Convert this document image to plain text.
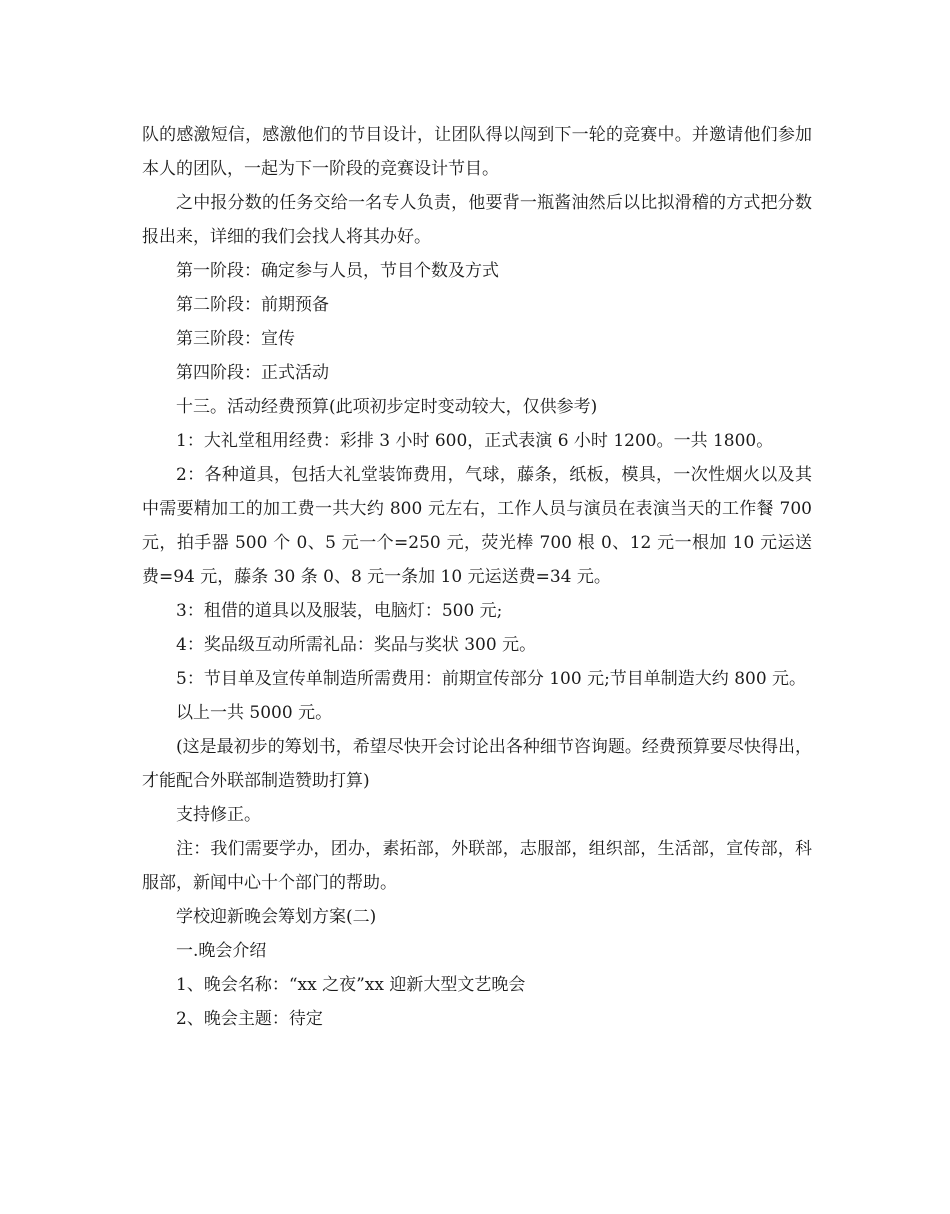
队的感激短信，感激他们的节目设计，让团队得以闯到下一轮的竞赛中。并邀请他们参加本人的团队，一起为下一阶段的竞赛设计节目。

之中报分数的任务交给一名专人负责，他要背一瓶酱油然后以比拟滑稽的方式把分数报出来，详细的我们会找人将其办好。

第一阶段：确定参与人员，节目个数及方式

第二阶段：前期预备

第三阶段：宣传

第四阶段：正式活动

十三。活动经费预算(此项初步定时变动较大，仅供参考)

1：大礼堂租用经费：彩排 3 小时 600，正式表演 6 小时 1200。一共 1800。

2：各种道具，包括大礼堂装饰费用，气球，藤条，纸板，模具，一次性烟火以及其中需要精加工的加工费一共大约 800 元左右，工作人员与演员在表演当天的工作餐 700 元，拍手器 500 个 0、5 元一个=250 元，荧光棒 700 根 0、12 元一根加 10 元运送费=94 元，藤条 30 条 0、8 元一条加 10 元运送费=34 元。

3：租借的道具以及服装，电脑灯：500 元;

4：奖品级互动所需礼品：奖品与奖状 300 元。

5：节目单及宣传单制造所需费用：前期宣传部分 100 元;节目单制造大约 800 元。

以上一共 5000 元。

(这是最初步的筹划书，希望尽快开会讨论出各种细节咨询题。经费预算要尽快得出，才能配合外联部制造赞助打算)

支持修正。

注：我们需要学办，团办，素拓部，外联部，志服部，组织部，生活部，宣传部，科服部，新闻中心十个部门的帮助。

学校迎新晚会筹划方案(二)

一.晚会介绍

1、晚会名称：“xx 之夜”xx 迎新大型文艺晚会

2、晚会主题：待定
